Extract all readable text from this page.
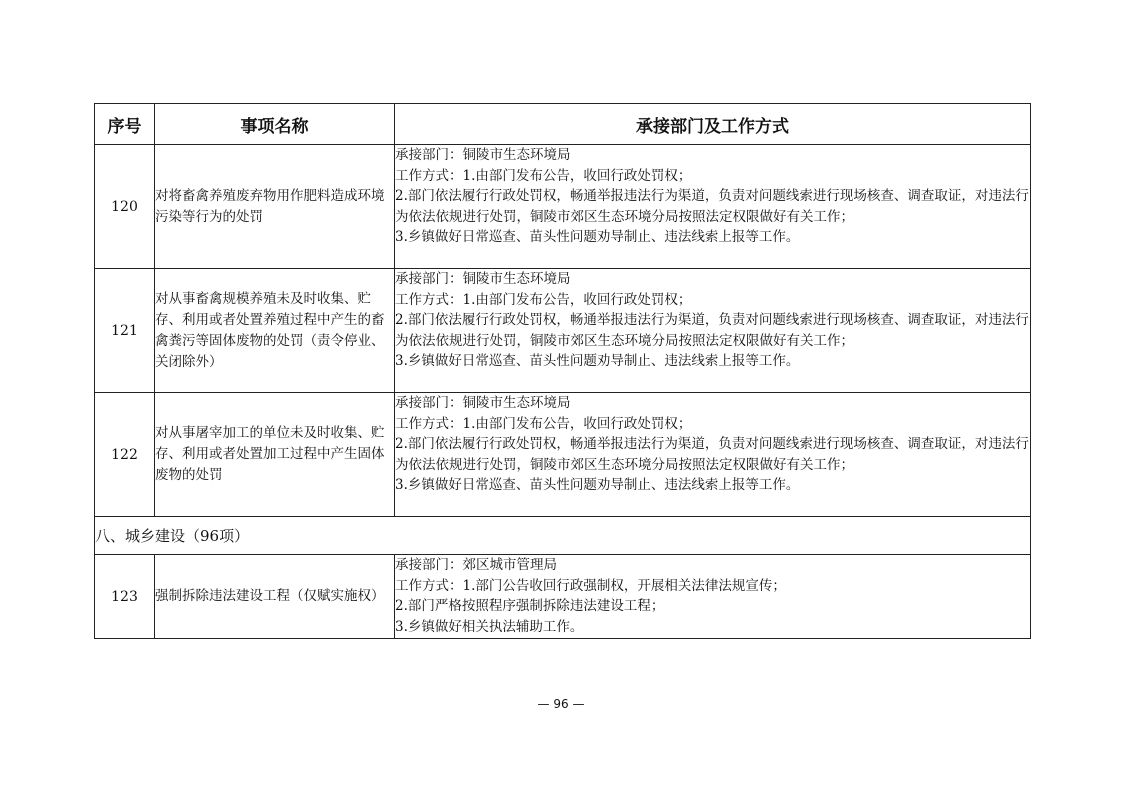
序号	事项名称	承接部门及工作方式
120	对将畜禽养殖废弃物用作肥料造成环境污染等行为的处罚	承接部门：铜陵市生态环境局
工作方式：1.由部门发布公告，收回行政处罚权；
2.部门依法履行行政处罚权，畅通举报违法行为渠道，负责对问题线索进行现场核查、调查取证，对违法行为依法依规进行处罚，铜陵市郊区生态环境分局按照法定权限做好有关工作；
3.乡镇做好日常巡查、苗头性问题劝导制止、违法线索上报等工作。

121	对从事畜禽规模养殖未及时收集、贮存、利用或者处置养殖过程中产生的畜禽粪污等固体废物的处罚（责令停业、关闭除外）	承接部门：铜陵市生态环境局
工作方式：1.由部门发布公告，收回行政处罚权；
2.部门依法履行行政处罚权，畅通举报违法行为渠道，负责对问题线索进行现场核查、调查取证，对违法行为依法依规进行处罚，铜陵市郊区生态环境分局按照法定权限做好有关工作；
3.乡镇做好日常巡查、苗头性问题劝导制止、违法线索上报等工作。

122	对从事屠宰加工的单位未及时收集、贮存、利用或者处置加工过程中产生固体废物的处罚	承接部门：铜陵市生态环境局
工作方式：1.由部门发布公告，收回行政处罚权；
2.部门依法履行行政处罚权，畅通举报违法行为渠道，负责对问题线索进行现场核查、调查取证，对违法行为依法依规进行处罚，铜陵市郊区生态环境分局按照法定权限做好有关工作；
3.乡镇做好日常巡查、苗头性问题劝导制止、违法线索上报等工作。

八、城乡建设（96项）		
123	强制拆除违法建设工程（仅赋实施权）	承接部门：郊区城市管理局
工作方式：1.部门公告收回行政强制权，开展相关法律法规宣传；
2.部门严格按照程序强制拆除违法建设工程；
3.乡镇做好相关执法辅助工作。
— 96 —
